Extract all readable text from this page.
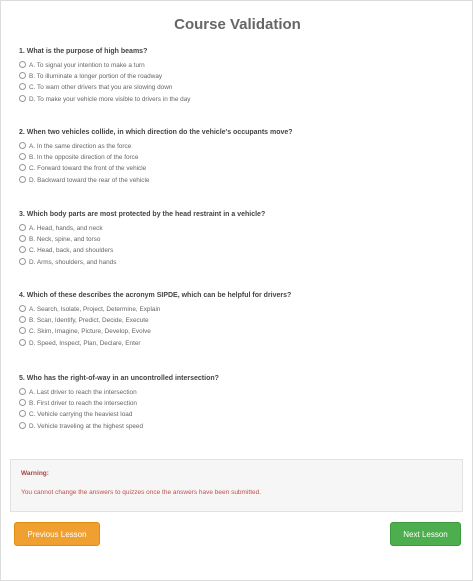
Course Validation
1. What is the purpose of high beams?
A. To signal your intention to make a turn
B. To illuminate a longer portion of the roadway
C. To warn other drivers that you are slowing down
D. To make your vehicle more visible to drivers in the day
2. When two vehicles collide, in which direction do the vehicle's occupants move?
A. In the same direction as the force
B. In the opposite direction of the force
C. Forward toward the front of the vehicle
D. Backward toward the rear of the vehicle
3. Which body parts are most protected by the head restraint in a vehicle?
A. Head, hands, and neck
B. Neck, spine, and torso
C. Head, back, and shoulders
D. Arms, shoulders, and hands
4. Which of these describes the acronym SIPDE, which can be helpful for drivers?
A. Search, Isolate, Project, Determine, Explain
B. Scan, Identify, Predict, Decide, Execute
C. Skim, Imagine, Picture, Develop, Evolve
D. Speed, Inspect, Plan, Declare, Enter
5. Who has the right-of-way in an uncontrolled intersection?
A. Last driver to reach the intersection
B. First driver to reach the intersection
C. Vehicle carrying the heaviest load
D. Vehicle traveling at the highest speed
Warning:
You cannot change the answers to quizzes once the answers have been submitted.
Previous Lesson	Next Lesson
